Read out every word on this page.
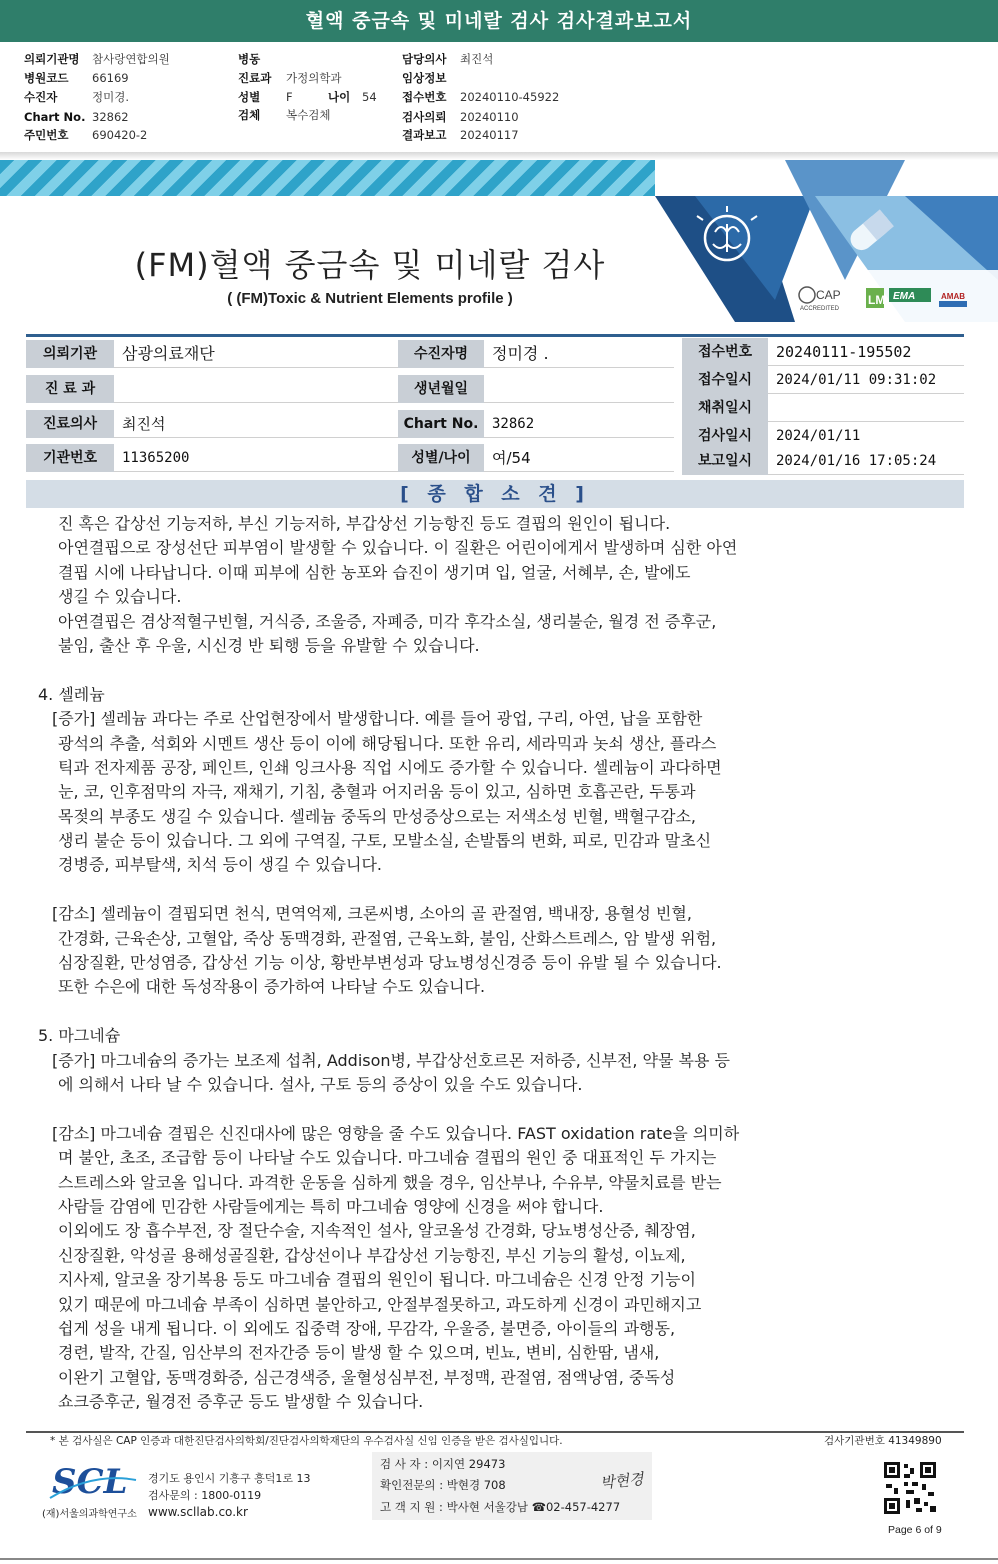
혈액 중금속 및 미네랄 검사 검사결과보고서
의뢰기관명 참사랑연합의원
병원코드 66169
수진자	정미경.
Chart No. 32862
주민번호 690420-2
병동
진료과 가정의학과
성별 F	나이 54
검체 복수검체
담당의사 최진석
임상정보
접수번호 20240110-45922
검사의뢰 20240110
결과보고 20240117
CAP
ACCREDITED
LM EMA	AMAB
(FM)혈액 중금속 및 미네랄 검사
( (FM)Toxic & Nutrient Elements profile )
의뢰기관	삼광의료재단
진 료 과
진료의사	최진석
기관번호	11365200
수진자명	정미경 .
생년월일
Chart No. 32862
성별/나이	여/54
접수번호	20240111-195502
접수일시	2024/01/11 09:31:02
채취일시
검사일시	2024/01/11
보고일시	2024/01/16 17:05:24
[ 종 합 소 견 ]
진 혹은 갑상선 기능저하, 부신 기능저하, 부갑상선 기능항진 등도 결핍의 원인이 됩니다.
아연결핍으로 장성선단 피부염이 발생할 수 있습니다. 이 질환은 어린이에게서 발생하며 심한 아연
결핍 시에 나타납니다. 이때 피부에 심한 농포와 습진이 생기며 입, 얼굴, 서혜부, 손, 발에도
생길 수 있습니다.
아연결핍은 겸상적혈구빈혈, 거식증, 조울증, 자폐증, 미각 후각소실, 생리불순, 월경 전 증후군,
불임, 출산 후 우울, 시신경 반 퇴행 등을 유발할 수 있습니다.
4. 셀레늄
[증가] 셀레늄 과다는 주로 산업현장에서 발생합니다. 예를 들어 광업, 구리, 아연, 납을 포함한
광석의 추출, 석회와 시멘트 생산 등이 이에 해당됩니다. 또한 유리, 세라믹과 놋쇠 생산, 플라스
틱과 전자제품 공장, 페인트, 인쇄 잉크사용 직업 시에도 증가할 수 있습니다. 셀레늄이 과다하면
눈, 코, 인후점막의 자극, 재채기, 기침, 충혈과 어지러움 등이 있고, 심하면 호흡곤란, 두통과
목젖의 부종도 생길 수 있습니다. 셀레늄 중독의 만성증상으로는 저색소성 빈혈, 백혈구감소,
생리 불순 등이 있습니다. 그 외에 구역질, 구토, 모발소실, 손발톱의 변화, 피로, 민감과 말초신
경병증, 피부탈색, 치석 등이 생길 수 있습니다.
[감소] 셀레늄이 결핍되면 천식, 면역억제, 크론씨병, 소아의 골 관절염, 백내장, 용혈성 빈혈,
간경화, 근육손상, 고혈압, 죽상 동맥경화, 관절염, 근육노화, 불임, 산화스트레스, 암 발생 위험,
심장질환, 만성염증, 갑상선 기능 이상, 황반부변성과 당뇨병성신경증 등이 유발 될 수 있습니다.
또한 수은에 대한 독성작용이 증가하여 나타날 수도 있습니다.
5. 마그네슘
[증가] 마그네슘의 증가는 보조제 섭취, Addison병, 부갑상선호르몬 저하증, 신부전, 약물 복용 등
에 의해서 나타 날 수 있습니다. 설사, 구토 등의 증상이 있을 수도 있습니다.
[감소] 마그네슘 결핍은 신진대사에 많은 영향을 줄 수도 있습니다. FAST oxidation rate을 의미하
며 불안, 초조, 조급함 등이 나타날 수도 있습니다. 마그네슘 결핍의 원인 중 대표적인 두 가지는
스트레스와 알코올 입니다. 과격한 운동을 심하게 했을 경우, 임산부나, 수유부, 약물치료를 받는
사람들 감염에 민감한 사람들에게는 특히 마그네슘 영양에 신경을 써야 합니다.
이외에도 장 흡수부전, 장 절단수술, 지속적인 설사, 알코올성 간경화, 당뇨병성산증, 췌장염,
신장질환, 악성골 용해성골질환, 갑상선이나 부갑상선 기능항진, 부신 기능의 활성, 이뇨제,
지사제, 알코올 장기복용 등도 마그네슘 결핍의 원인이 됩니다. 마그네슘은 신경 안정 기능이
있기 때문에 마그네슘 부족이 심하면 불안하고, 안절부절못하고, 과도하게 신경이 과민해지고
쉽게 성을 내게 됩니다. 이 외에도 집중력 장애, 무감각, 우울증, 불면증, 아이들의 과행동,
경련, 발작, 간질, 임산부의 전자간증 등이 발생 할 수 있으며, 빈뇨, 변비, 심한땀, 냄새,
이완기 고혈압, 동맥경화증, 심근경색증, 울혈성심부전, 부정맥, 관절염, 점액낭염, 중독성
쇼크증후군, 월경전 증후군 등도 발생할 수 있습니다.
* 본 검사실은 CAP 인증과 대한진단검사의학회/진단검사의학재단의 우수검사실 신임 인증을 받은 검사실입니다.	검사기관번호 41349890
SCL
(재)서울의과학연구소
경기도 용인시 기흥구 흥덕1로 13
검사문의 : 1800-0119
www.scllab.co.kr
검 사 자 : 이지연 29473
확인전문의 : 박현경 708
고 객 지 원 : 박사현 서울강남 ☎02-457-4277
박현경
Page 6 of 9
